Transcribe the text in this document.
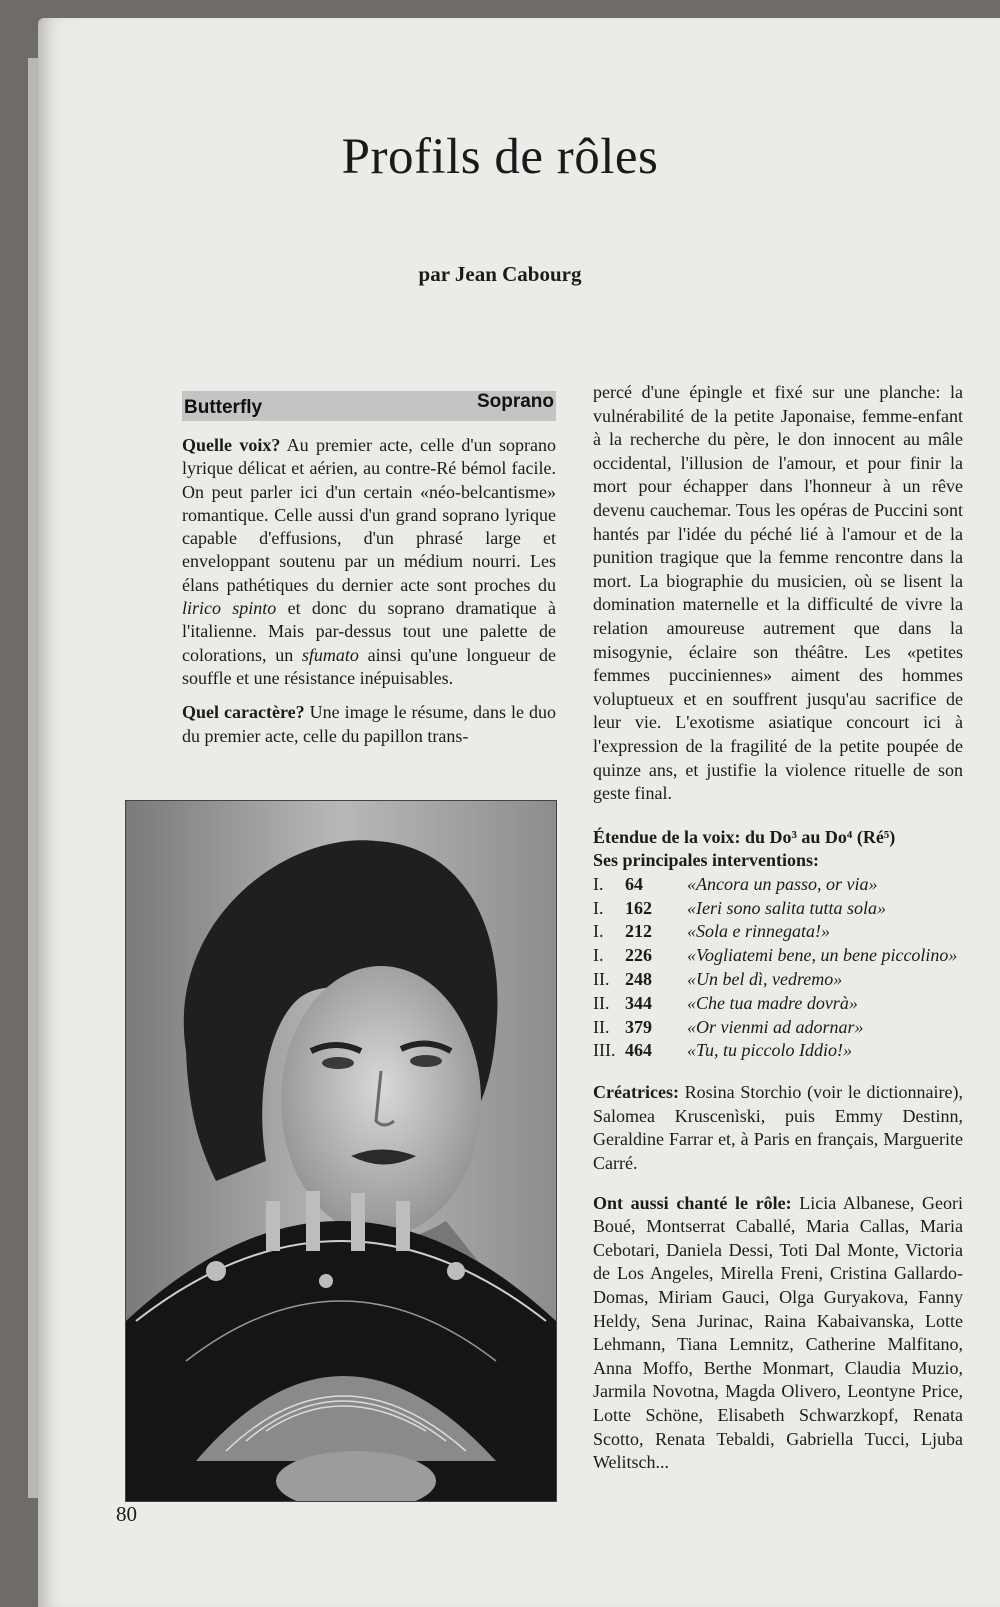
Profils de rôles
par Jean Cabourg
Butterfly	Soprano

Quelle voix? Au premier acte, celle d'un soprano lyrique délicat et aérien, au contre-Ré bémol facile. On peut parler ici d'un certain «néo-belcantisme» romantique. Celle aussi d'un grand soprano lyrique capable d'effusions, d'un phrasé large et enveloppant soutenu par un médium nourri. Les élans pathétiques du dernier acte sont proches du lirico spinto et donc du soprano dramatique à l'italienne. Mais par-dessus tout une palette de colorations, un sfumato ainsi qu'une longueur de souffle et une résistance inépuisables.

Quel caractère? Une image le résume, dans le duo du premier acte, celle du papillon trans-

percé d'une épingle et fixé sur une planche: la vulnérabilité de la petite Japonaise, femme-enfant à la recherche du père, le don innocent au mâle occidental, l'illusion de l'amour, et pour finir la mort pour échapper dans l'honneur à un rêve devenu cauchemar. Tous les opéras de Puccini sont hantés par l'idée du péché lié à l'amour et de la punition tragique que la femme rencontre dans la mort. La biographie du musicien, où se lisent la domination maternelle et la difficulté de vivre la relation amoureuse autrement que dans la misogynie, éclaire son théâtre. Les «petites femmes pucciniennes» aiment des hommes voluptueux et en souffrent jusqu'au sacrifice de leur vie. L'exotisme asiatique concourt ici à l'expression de la fragilité de la petite poupée de quinze ans, et justifie la violence rituelle de son geste final.

Étendue de la voix: du Do³ au Do⁴ (Ré⁵)
Ses principales interventions:
I.	64	«Ancora un passo, or via»
I.	162	«Ieri sono salita tutta sola»
I.	212	«Sola e rinnegata!»
I.	226	«Vogliatemi bene, un bene piccolino»
II. 248	«Un bel dì, vedremo»
II. 344	«Che tua madre dovrà»
II. 379	«Or vienmi ad adornar»
III. 464	«Tu, tu piccolo Iddio!»

Créatrices: Rosina Storchio (voir le dictionnaire), Salomea Kruscenìski, puis Emmy Destinn, Geraldine Farrar et, à Paris en français, Marguerite Carré.

Ont aussi chanté le rôle: Licia Albanese, Geori Boué, Montserrat Caballé, Maria Callas, Maria Cebotari, Daniela Dessi, Toti Dal Monte, Victoria de Los Angeles, Mirella Freni, Cristina Gallardo-Domas, Miriam Gauci, Olga Guryakova, Fanny Heldy, Sena Jurinac, Raina Kabaivanska, Lotte Lehmann, Tiana Lemnitz, Catherine Malfitano, Anna Moffo, Berthe Monmart, Claudia Muzio, Jarmila Novotna, Magda Olivero, Leontyne Price, Lotte Schöne, Elisabeth Schwarzkopf, Renata Scotto, Renata Tebaldi, Gabriella Tucci, Ljuba Welitsch...

80
